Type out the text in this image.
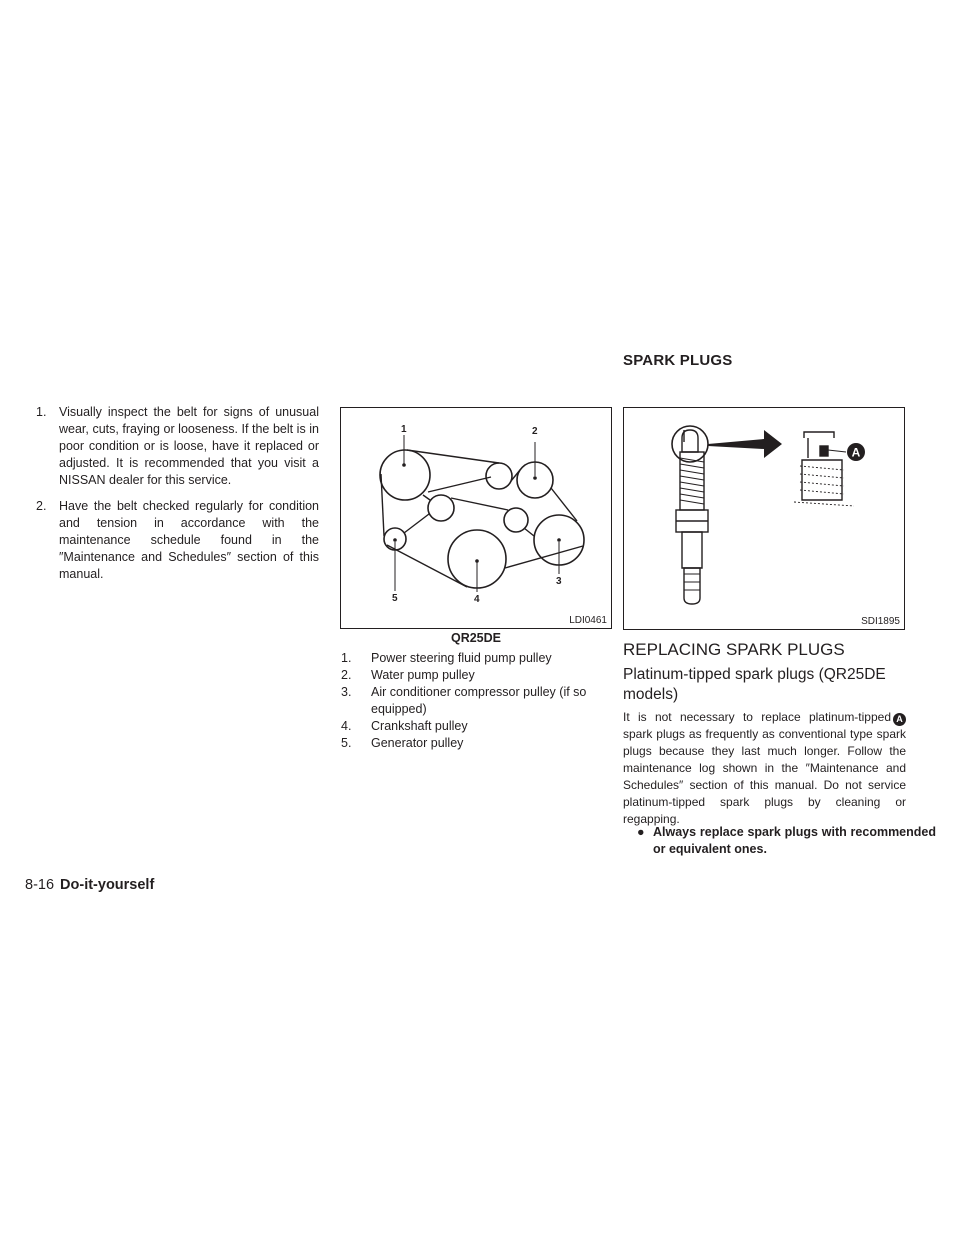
SPARK PLUGS
1. Visually inspect the belt for signs of unusual wear, cuts, fraying or looseness. If the belt is in poor condition or is loose, have it replaced or adjusted. It is recommended that you visit a NISSAN dealer for this service.
2. Have the belt checked regularly for condition and tension in accordance with the maintenance schedule found in the ″Maintenance and Schedules″ section of this manual.
1	2
3
4
5
LDI0461
QR25DE
1. Power steering fluid pump pulley
2. Water pump pulley
3. Air conditioner compressor pulley (if so equipped)
4. Crankshaft pulley
5. Generator pulley
A
SDI1895
REPLACING SPARK PLUGS
Platinum-tipped spark plugs (QR25DE models)

It is not necessary to replace platinum-tipped A spark plugs as frequently as conventional type spark plugs because they last much longer. Follow the maintenance log shown in the ″Maintenance and Schedules″ section of this manual. Do not service platinum-tipped spark plugs by cleaning or regapping.

● Always replace spark plugs with recommended or equivalent ones.
8-16 Do-it-yourself
